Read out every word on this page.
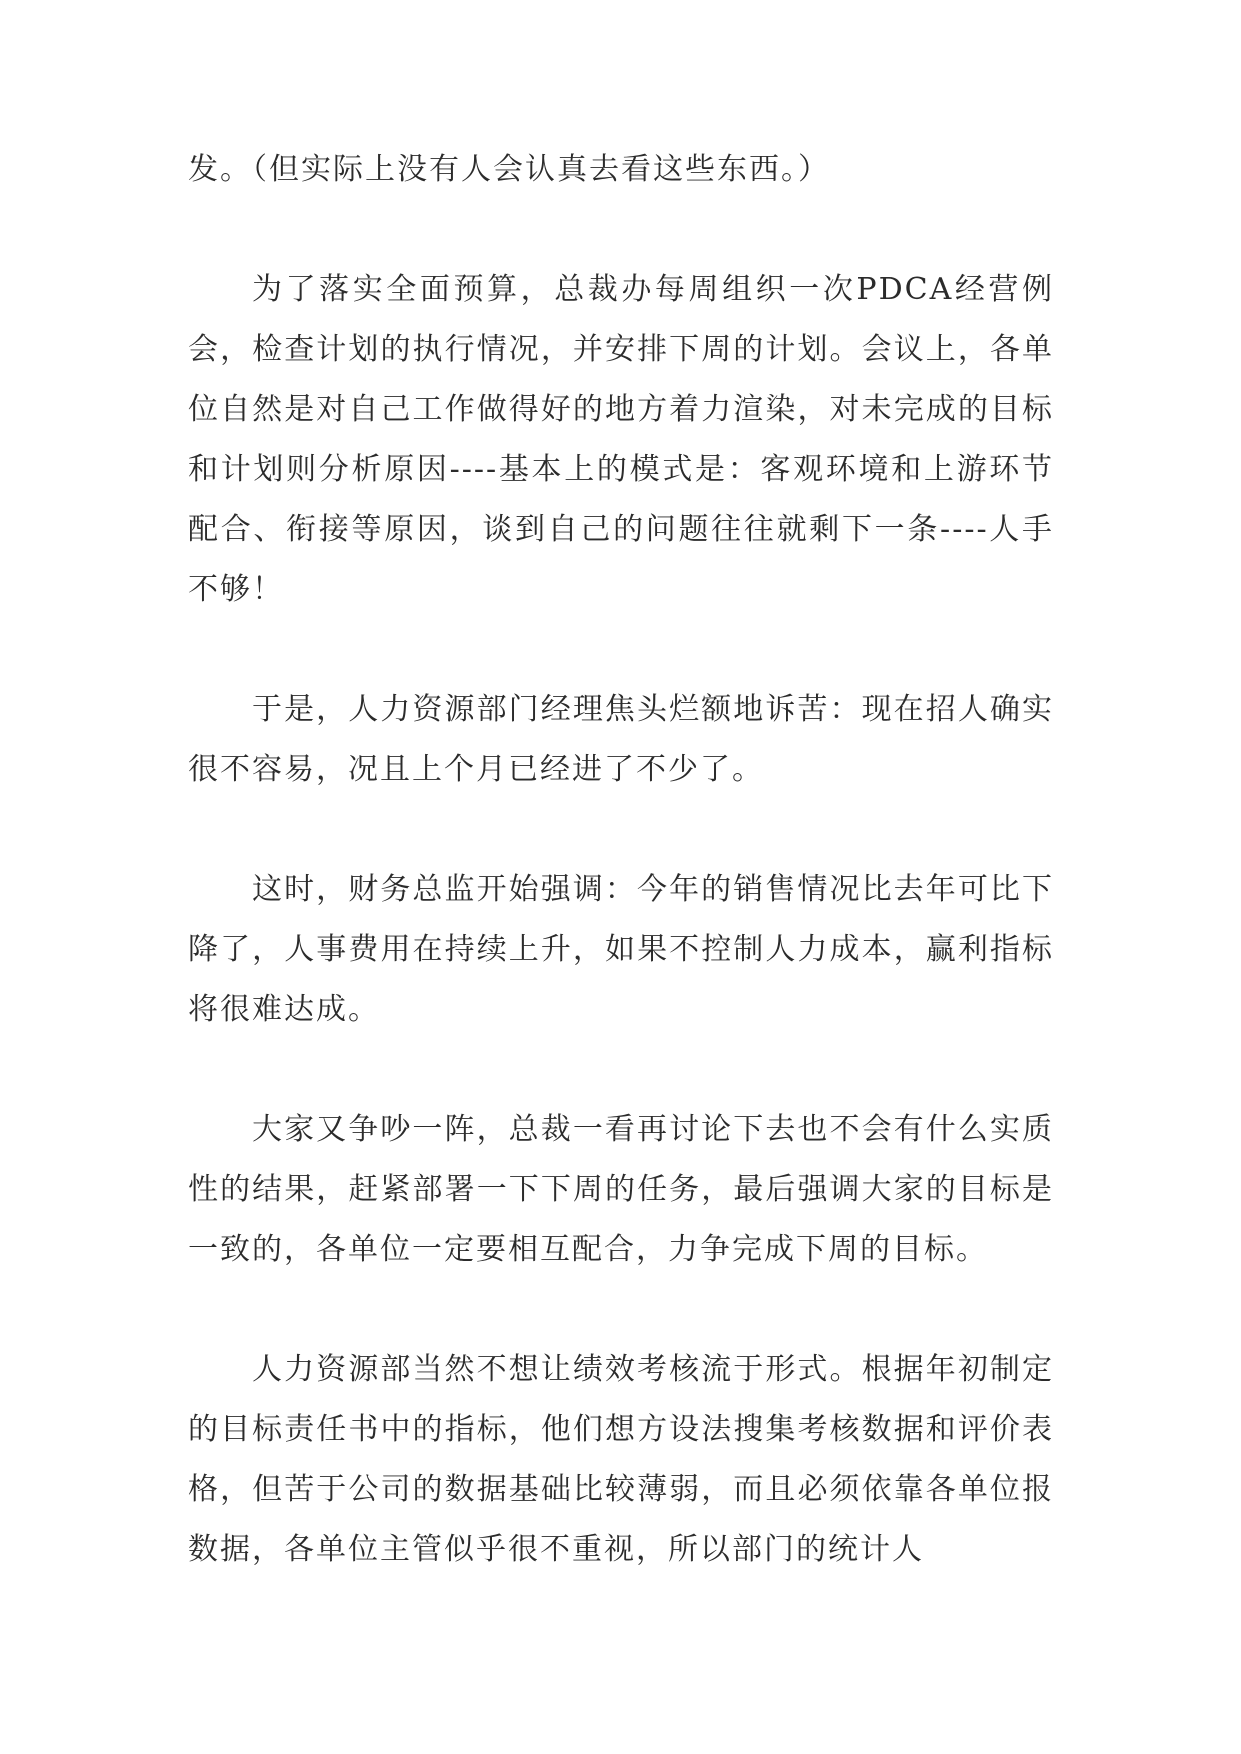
发。（但实际上没有人会认真去看这些东西。）

为了落实全面预算，总裁办每周组织一次PDCA经营例会，检查计划的执行情况，并安排下周的计划。会议上，各单位自然是对自己工作做得好的地方着力渲染，对未完成的目标和计划则分析原因----基本上的模式是：客观环境和上游环节配合、衔接等原因，谈到自己的问题往往就剩下一条----人手不够！

于是，人力资源部门经理焦头烂额地诉苦：现在招人确实很不容易，况且上个月已经进了不少了。

这时，财务总监开始强调：今年的销售情况比去年可比下降了，人事费用在持续上升，如果不控制人力成本，赢利指标将很难达成。

大家又争吵一阵，总裁一看再讨论下去也不会有什么实质性的结果，赶紧部署一下下周的任务，最后强调大家的目标是一致的，各单位一定要相互配合，力争完成下周的目标。

人力资源部当然不想让绩效考核流于形式。根据年初制定的目标责任书中的指标，他们想方设法搜集考核数据和评价表格，但苦于公司的数据基础比较薄弱，而且必须依靠各单位报数据，各单位主管似乎很不重视，所以部门的统计人
